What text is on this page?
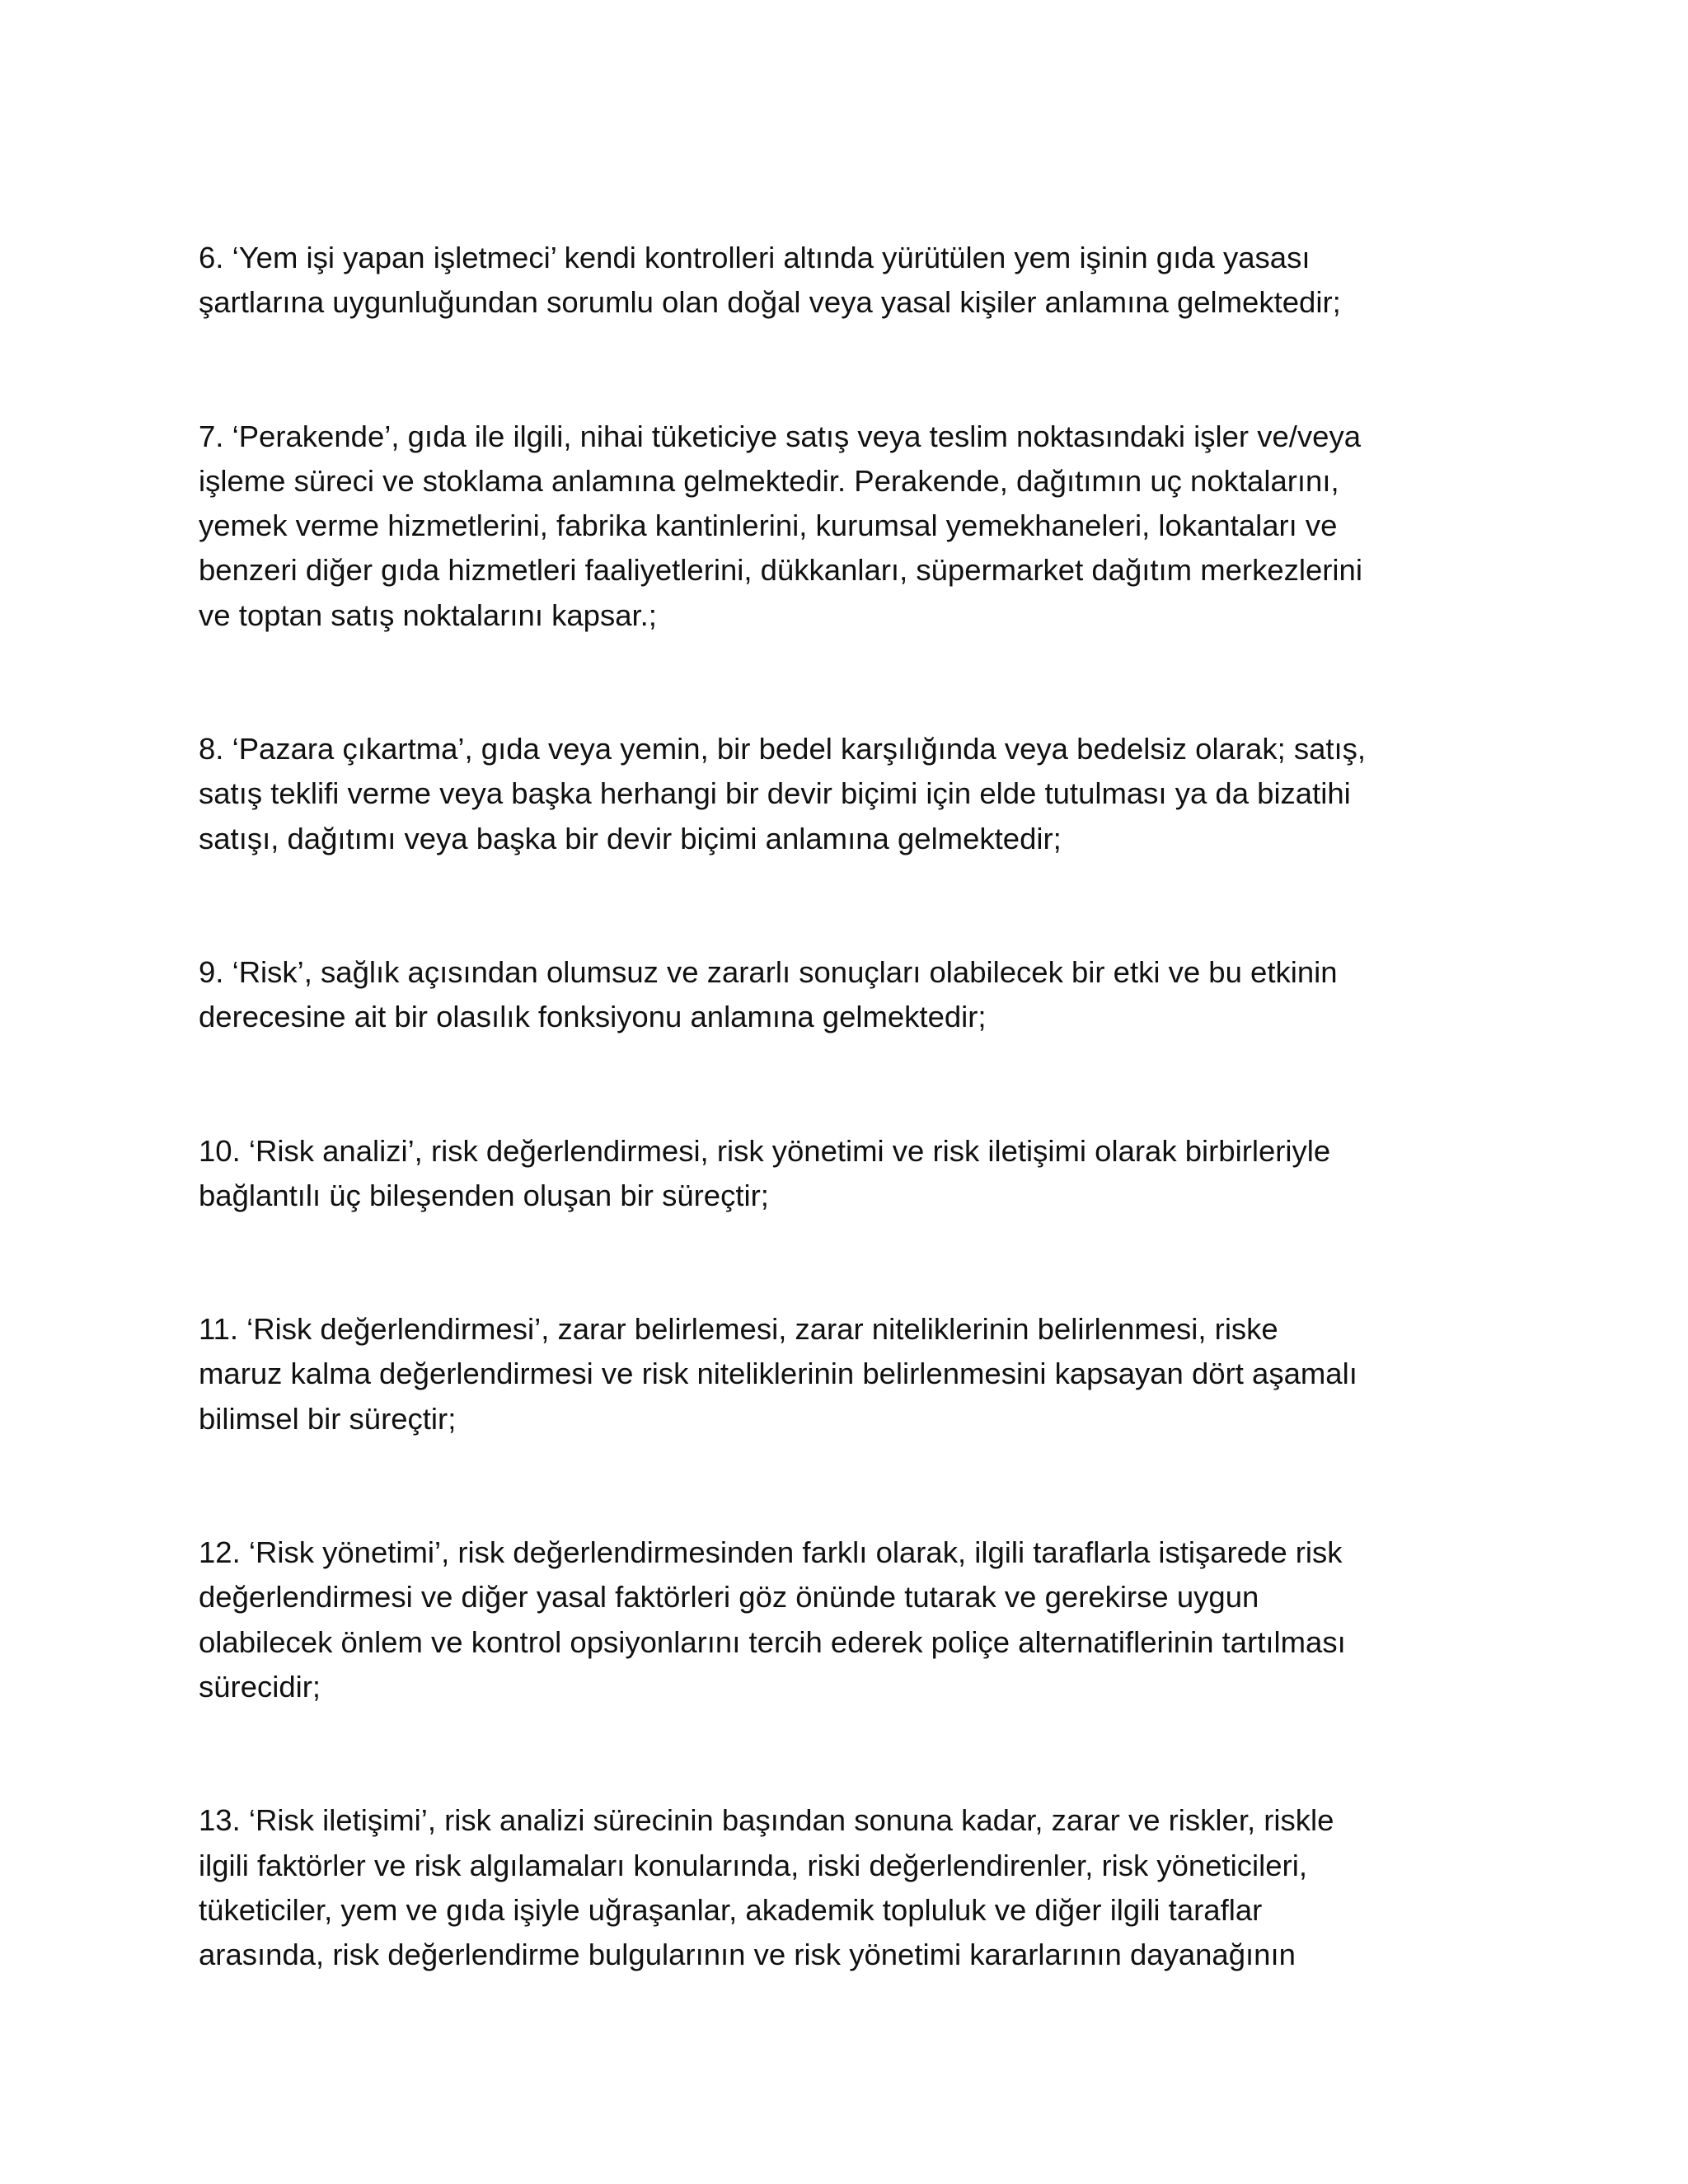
6. ‘Yem işi yapan işletmeci’ kendi kontrolleri altında yürütülen yem işinin gıda yasası
şartlarına uygunluğundan sorumlu olan doğal veya yasal kişiler anlamına gelmektedir;

7. ‘Perakende’, gıda ile ilgili, nihai tüketiciye satış veya teslim noktasındaki işler ve/veya
işleme süreci ve stoklama anlamına gelmektedir. Perakende, dağıtımın uç noktalarını,
yemek verme hizmetlerini, fabrika kantinlerini, kurumsal yemekhaneleri, lokantaları ve
benzeri diğer gıda hizmetleri faaliyetlerini, dükkanları, süpermarket dağıtım merkezlerini
ve toptan satış noktalarını kapsar.;

8. ‘Pazara çıkartma’, gıda veya yemin, bir bedel karşılığında veya bedelsiz olarak; satış,
satış teklifi verme veya başka herhangi bir devir biçimi için elde tutulması ya da bizatihi
satışı, dağıtımı veya başka bir devir biçimi anlamına gelmektedir;

9. ‘Risk’, sağlık açısından olumsuz ve zararlı sonuçları olabilecek bir etki ve bu etkinin
derecesine ait bir olasılık fonksiyonu anlamına gelmektedir;

10. ‘Risk analizi’, risk değerlendirmesi, risk yönetimi ve risk iletişimi olarak birbirleriyle
bağlantılı üç bileşenden oluşan bir süreçtir;

11. ‘Risk değerlendirmesi’, zarar belirlemesi, zarar niteliklerinin belirlenmesi, riske
maruz kalma değerlendirmesi ve risk niteliklerinin belirlenmesini kapsayan dört aşamalı
bilimsel bir süreçtir;

12. ‘Risk yönetimi’, risk değerlendirmesinden farklı olarak, ilgili taraflarla istişarede risk
değerlendirmesi ve diğer yasal faktörleri göz önünde tutarak ve gerekirse uygun
olabilecek önlem ve kontrol opsiyonlarını tercih ederek poliçe alternatiflerinin tartılması
sürecidir;

13. ‘Risk iletişimi’, risk analizi sürecinin başından sonuna kadar, zarar ve riskler, riskle
ilgili faktörler ve risk algılamaları konularında, riski değerlendirenler, risk yöneticileri,
tüketiciler, yem ve gıda işiyle uğraşanlar, akademik topluluk ve diğer ilgili taraflar
arasında, risk değerlendirme bulgularının ve risk yönetimi kararlarının dayanağının
